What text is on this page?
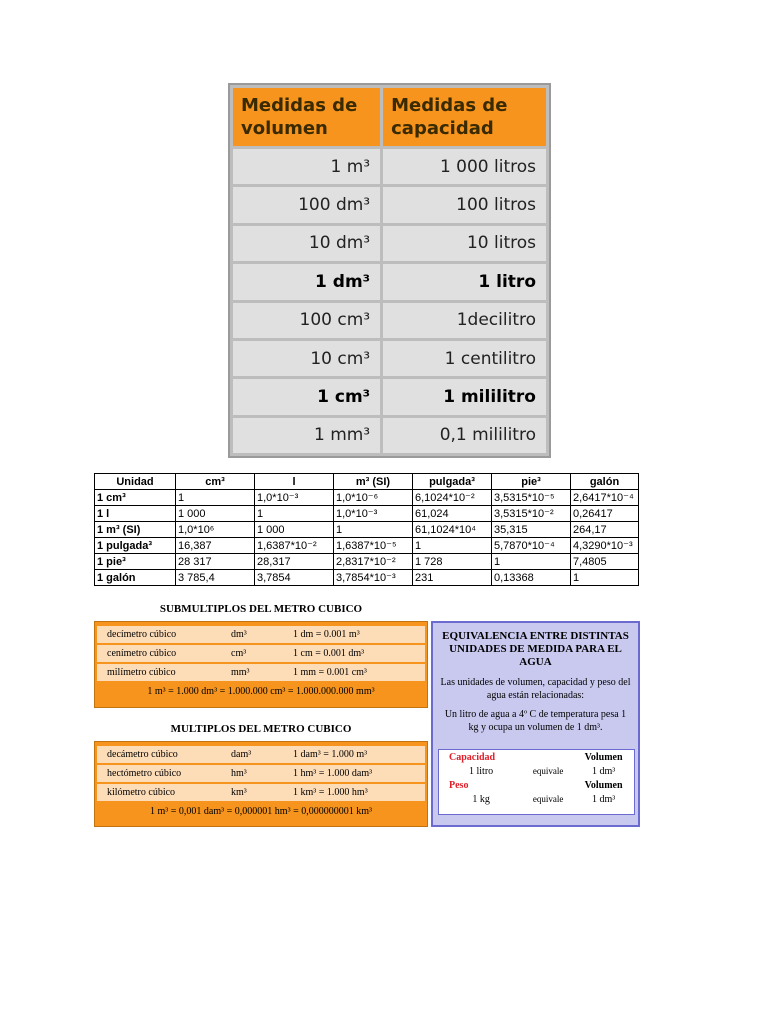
Medidas de volumen	Medidas de capacidad
1 m³	1 000 litros
100 dm³	100 litros
10 dm³	10 litros
1 dm³	1 litro
100 cm³	1decilitro
10 cm³	1 centilitro
1 cm³	1 mililitro
1 mm³	0,1 mililitro
Unidad	cm³	l	m³ (SI)	pulgada³	pie³	galón
1 cm³	1	1,0*10⁻³	1,0*10⁻⁶	6,1024*10⁻²	3,5315*10⁻⁵	2,6417*10⁻⁴
1 l	1 000	1	1,0*10⁻³	61,024	3,5315*10⁻²	0,26417
1 m³ (SI)	1,0*10⁶	1 000	1	61,1024*10⁴	35,315	264,17
1 pulgada³	16,387	1,6387*10⁻²	1,6387*10⁻⁵	1	5,7870*10⁻⁴	4,3290*10⁻³
1 pie³	28 317	28,317	2,8317*10⁻²	1 728	1	7,4805
1 galón	3 785,4	3,7854	3,7854*10⁻³	231	0,13368	1
SUBMULTIPLOS DEL METRO CUBICO
decímetro cúbico	dm³	1 dm = 0.001 m³
cenímetro cúbico	cm³	1 cm = 0.001 dm³
milímetro cúbico	mm³	1 mm = 0.001 cm³
1 m³ = 1.000 dm³ = 1.000.000 cm³ = 1.000.000.000 mm³
MULTIPLOS DEL METRO CUBICO
decámetro cúbico	dam³	1 dam³ = 1.000 m³
hectómetro cúbico	hm³	1 hm³ = 1.000 dam³
kilómetro cúbico	km³	1 km³ = 1.000 hm³
1 m³ = 0,001 dam³ = 0,000001 hm³ = 0,000000001 km³
EQUIVALENCIA ENTRE DISTINTAS UNIDADES DE MEDIDA PARA EL AGUA
Las unidades de volumen, capacidad y peso del agua están relacionadas:
Un litro de agua a 4º C de temperatura pesa 1 kg y ocupa un volumen de 1 dm³.
Capacidad		Volumen
1 litro	equivale	1 dm³
Peso		Volumen
1 kg	equivale	1 dm³
